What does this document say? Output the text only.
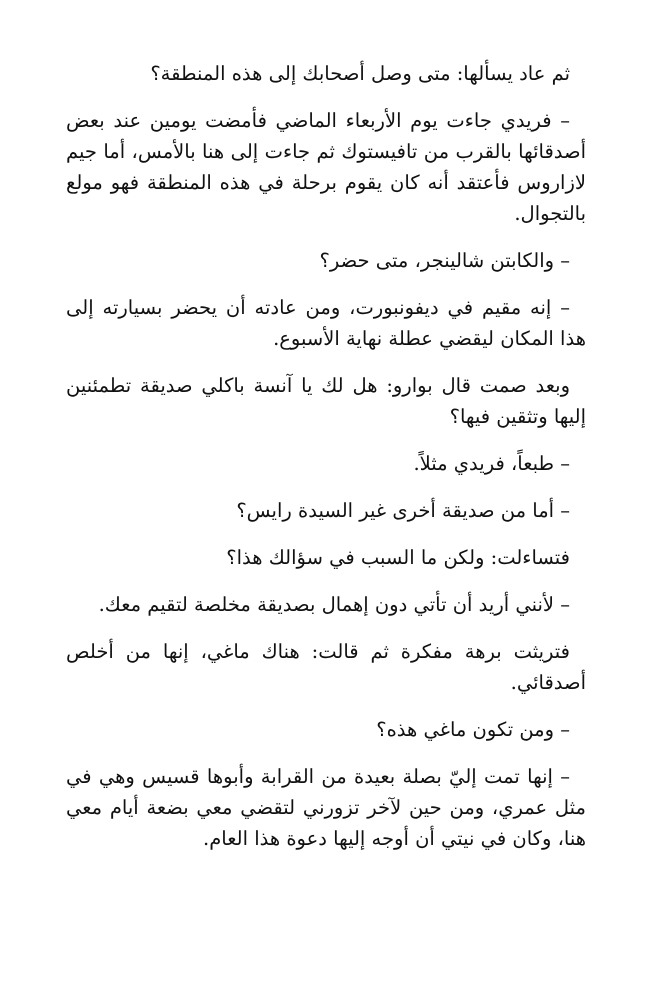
ثم عاد يسألها: متى وصل أصحابك إلى هذه المنطقة؟

– فريدي جاءت يوم الأربعاء الماضي فأمضت يومين عند بعض أصدقائها بالقرب من تافيستوك ثم جاءت إلى هنا بالأمس، أما جيم لازاروس فأعتقد أنه كان يقوم برحلة في هذه المنطقة فهو مولع بالتجوال.

– والكابتن شالينجر، متى حضر؟

– إنه مقيم في ديفونبورت، ومن عادته أن يحضر بسيارته إلى هذا المكان ليقضي عطلة نهاية الأسبوع.

وبعد صمت قال بوارو: هل لك يا آنسة باكلي صديقة تطمئنين إليها وتثقين فيها؟

– طبعاً، فريدي مثلاً.

– أما من صديقة أخرى غير السيدة رايس؟

فتساءلت: ولكن ما السبب في سؤالك هذا؟

– لأنني أريد أن تأتي دون إهمال بصديقة مخلصة لتقيم معك.

فتريثت برهة مفكرة ثم قالت: هناك ماغي، إنها من أخلص أصدقائي.

– ومن تكون ماغي هذه؟

– إنها تمت إليّ بصلة بعيدة من القرابة وأبوها قسيس وهي في مثل عمري، ومن حين لآخر تزورني لتقضي معي بضعة أيام معي هنا، وكان في نيتي أن أوجه إليها دعوة هذا العام.
